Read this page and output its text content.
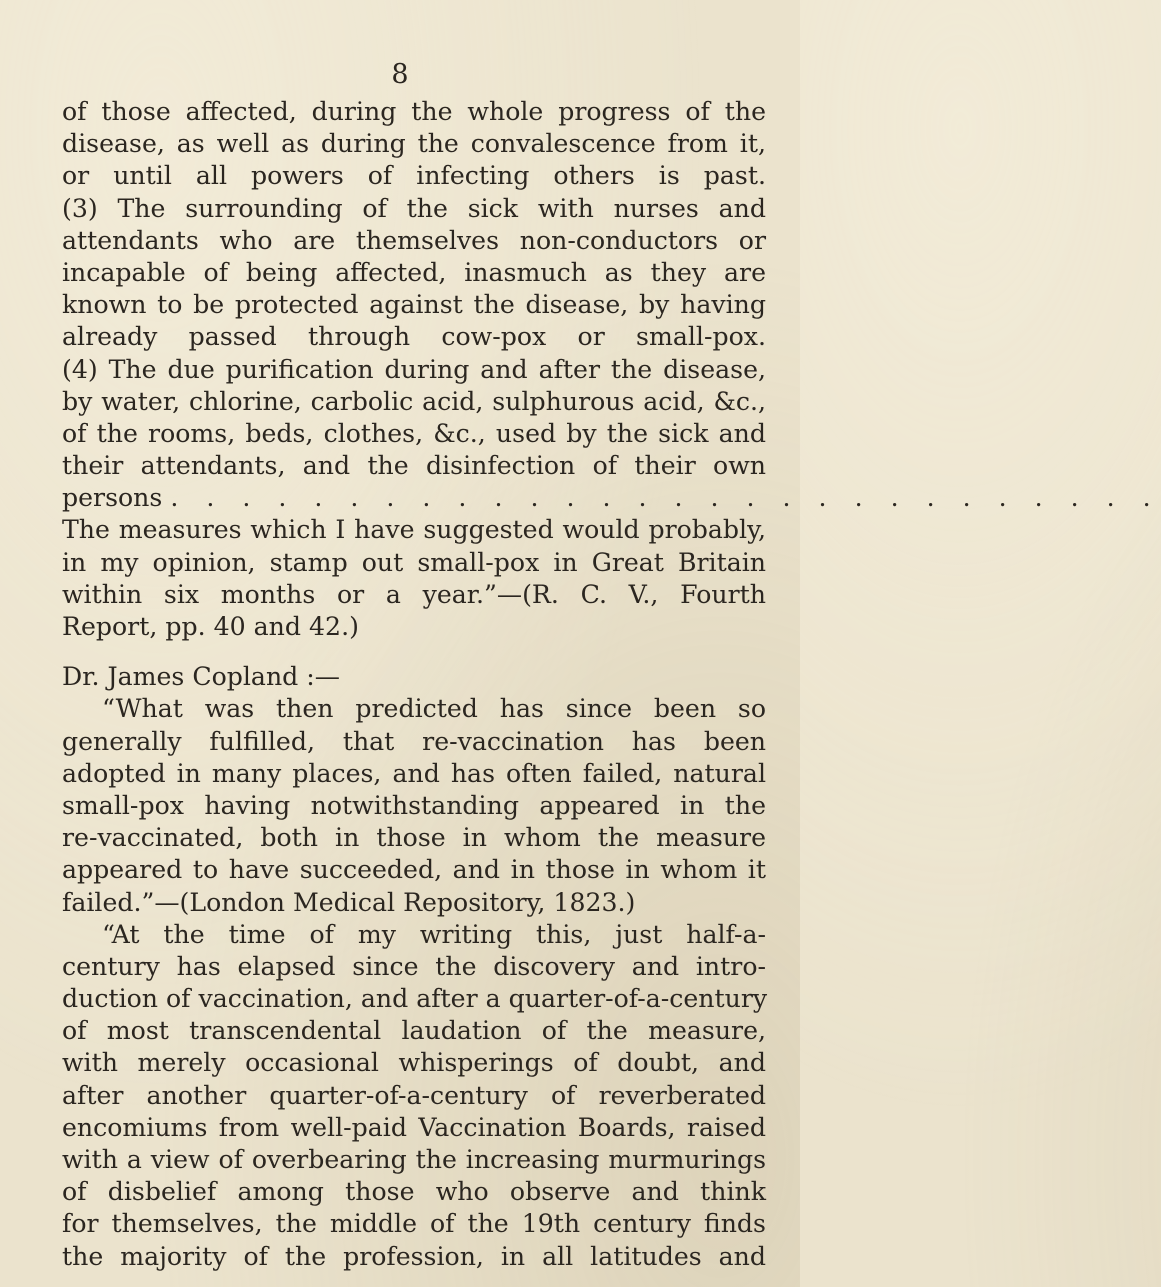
8
of those affected, during the whole progress of the
disease, as well as during the convalescence from it,
or until all powers of infecting others is past.
(3) The surrounding of the sick with nurses and
attendants who are themselves non-conductors or
incapable of being affected, inasmuch as they are
known to be protected against the disease, by having
already passed through cow-pox or small-pox.
(4) The due purification during and after the disease,
by water, chlorine, carbolic acid, sulphurous acid, &c.,
of the rooms, beds, clothes, &c., used by the sick and
their attendants, and the disinfection of their own
persons . . . . . . . . . . . . . . . . . . . . . . . . . . . .
The measures which I have suggested would probably,
in my opinion, stamp out small-pox in Great Britain
within six months or a year.”—(R. C. V., Fourth
Report, pp. 40 and 42.)
Dr. James Copland :—
“What was then predicted has since been so
generally fulfilled, that re-vaccination has been
adopted in many places, and has often failed, natural
small-pox having notwithstanding appeared in the
re-vaccinated, both in those in whom the measure
appeared to have succeeded, and in those in whom it
failed.”—(London Medical Repository, 1823.)
“At the time of my writing this, just half-a-
century has elapsed since the discovery and intro-
duction of vaccination, and after a quarter-of-a-century
of most transcendental laudation of the measure,
with merely occasional whisperings of doubt, and
after another quarter-of-a-century of reverberated
encomiums from well-paid Vaccination Boards, raised
with a view of overbearing the increasing murmurings
of disbelief among those who observe and think
for themselves, the middle of the 19th century finds
the majority of the profession, in all latitudes and
